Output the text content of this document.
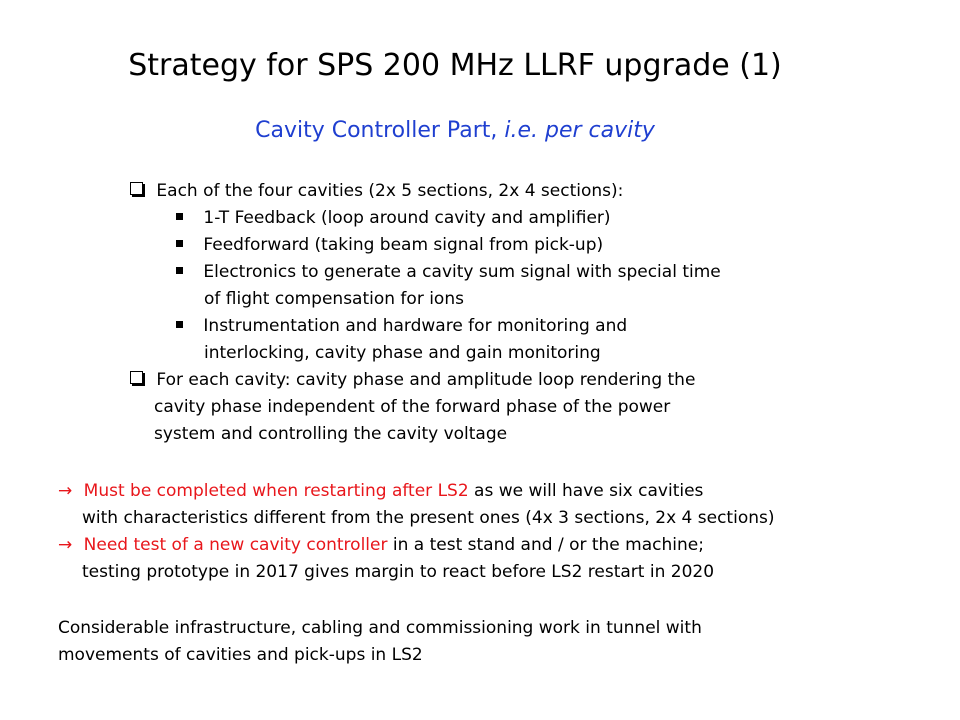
Strategy for SPS 200 MHz LLRF upgrade (1)
Cavity Controller Part, i.e. per cavity
Each of the four cavities (2x 5 sections, 2x 4 sections):
1-T Feedback (loop around cavity and amplifier)
Feedforward (taking beam signal from pick-up)
Electronics to generate a cavity sum signal with special time
of flight compensation for ions
Instrumentation and hardware for monitoring and
interlocking, cavity phase and gain monitoring
For each cavity: cavity phase and amplitude loop rendering the
cavity phase independent of the forward phase of the power
system and controlling the cavity voltage
→ Must be completed when restarting after LS2 as we will have six cavities
with characteristics different from the present ones (4x 3 sections, 2x 4 sections)
→ Need test of a new cavity controller in a test stand and / or the machine;
testing prototype in 2017 gives margin to react before LS2 restart in 2020
Considerable infrastructure, cabling and commissioning work in tunnel with
movements of cavities and pick-ups in LS2
